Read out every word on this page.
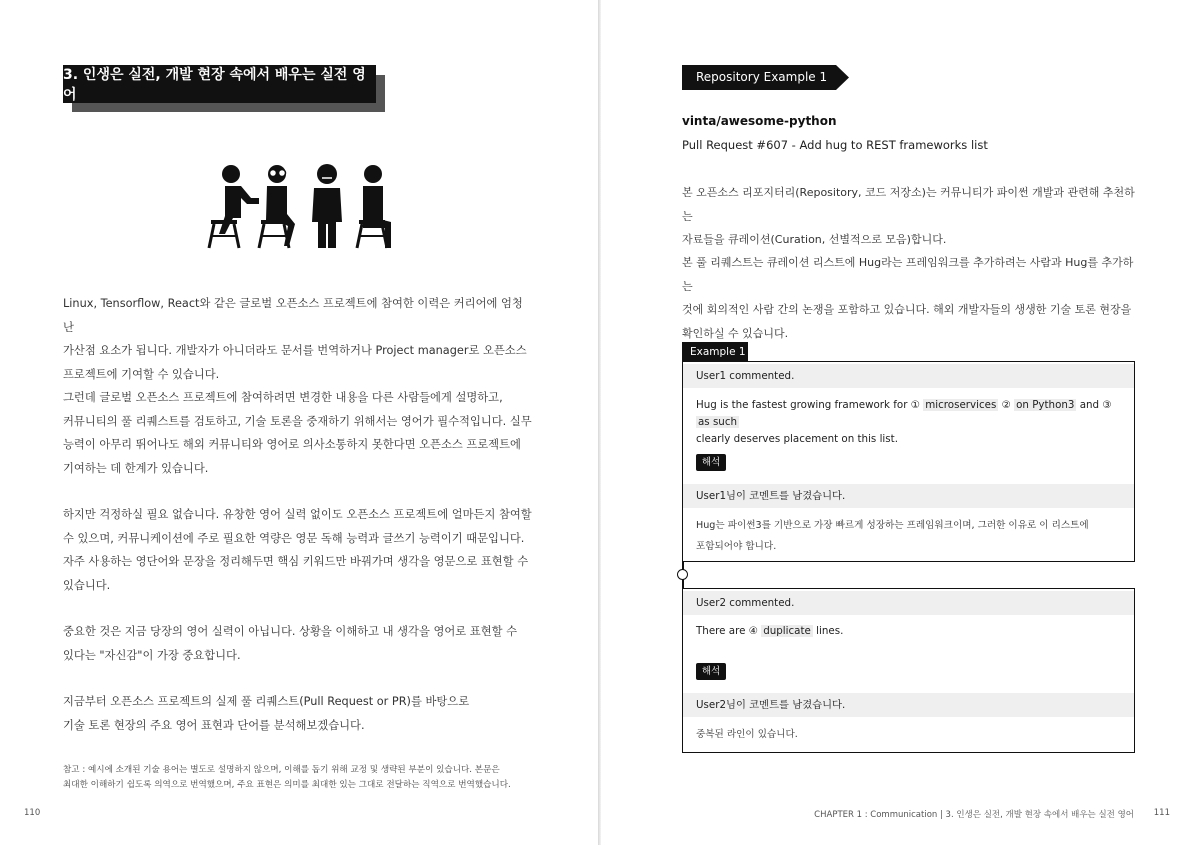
3. 인생은 실전, 개발 현장 속에서 배우는 실전 영어
Linux, Tensorflow, React와 같은 글로벌 오픈소스 프로젝트에 참여한 이력은 커리어에 엄청난
가산점 요소가 됩니다. 개발자가 아니더라도 문서를 번역하거나 Project manager로 오픈소스
프로젝트에 기여할 수 있습니다.
그런데 글로벌 오픈소스 프로젝트에 참여하려면 변경한 내용을 다른 사람들에게 설명하고,
커뮤니티의 풀 리퀘스트를 검토하고, 기술 토론을 중재하기 위해서는 영어가 필수적입니다. 실무
능력이 아무리 뛰어나도 해외 커뮤니티와 영어로 의사소통하지 못한다면 오픈소스 프로젝트에
기여하는 데 한계가 있습니다.
하지만 걱정하실 필요 없습니다. 유창한 영어 실력 없이도 오픈소스 프로젝트에 얼마든지 참여할
수 있으며, 커뮤니케이션에 주로 필요한 역량은 영문 독해 능력과 글쓰기 능력이기 때문입니다.
자주 사용하는 영단어와 문장을 정리해두면 핵심 키워드만 바꿔가며 생각을 영문으로 표현할 수
있습니다.
중요한 것은 지금 당장의 영어 실력이 아닙니다. 상황을 이해하고 내 생각을 영어로 표현할 수
있다는 "자신감"이 가장 중요합니다.
지금부터 오픈소스 프로젝트의 실제 풀 리퀘스트(Pull Request or PR)를 바탕으로
기술 토론 현장의 주요 영어 표현과 단어를 분석해보겠습니다.
참고 : 예시에 소개된 기술 용어는 별도로 설명하지 않으며, 이해를 돕기 위해 교정 및 생략된 부분이 있습니다. 본문은
최대한 이해하기 쉽도록 의역으로 번역했으며, 주요 표현은 의미를 최대한 있는 그대로 전달하는 직역으로 번역했습니다.
110
Repository Example 1
vinta/awesome-python
Pull Request #607 - Add hug to REST frameworks list
본 오픈소스 리포지터리(Repository, 코드 저장소)는 커뮤니티가 파이썬 개발과 관련해 추천하는
자료들을 큐레이션(Curation, 선별적으로 모음)합니다.
본 풀 리퀘스트는 큐레이션 리스트에 Hug라는 프레임워크를 추가하려는 사람과 Hug를 추가하는
것에 회의적인 사람 간의 논쟁을 포함하고 있습니다. 해외 개발자들의 생생한 기술 토론 현장을
확인하실 수 있습니다.
Example 1
User1 commented.
Hug is the fastest growing framework for ① microservices ② on Python3 and ③ as such
clearly deserves placement on this list.
해석
User1님이 코멘트를 남겼습니다.
Hug는 파이썬3를 기반으로 가장 빠르게 성장하는 프레임워크이며, 그러한 이유로 이 리스트에
포함되어야 합니다.
User2 commented.
There are ④ duplicate lines.
해석
User2님이 코멘트를 남겼습니다.
중복된 라인이 있습니다.
CHAPTER 1 : Communication | 3. 인생은 실전, 개발 현장 속에서 배우는 실전 영어 111
